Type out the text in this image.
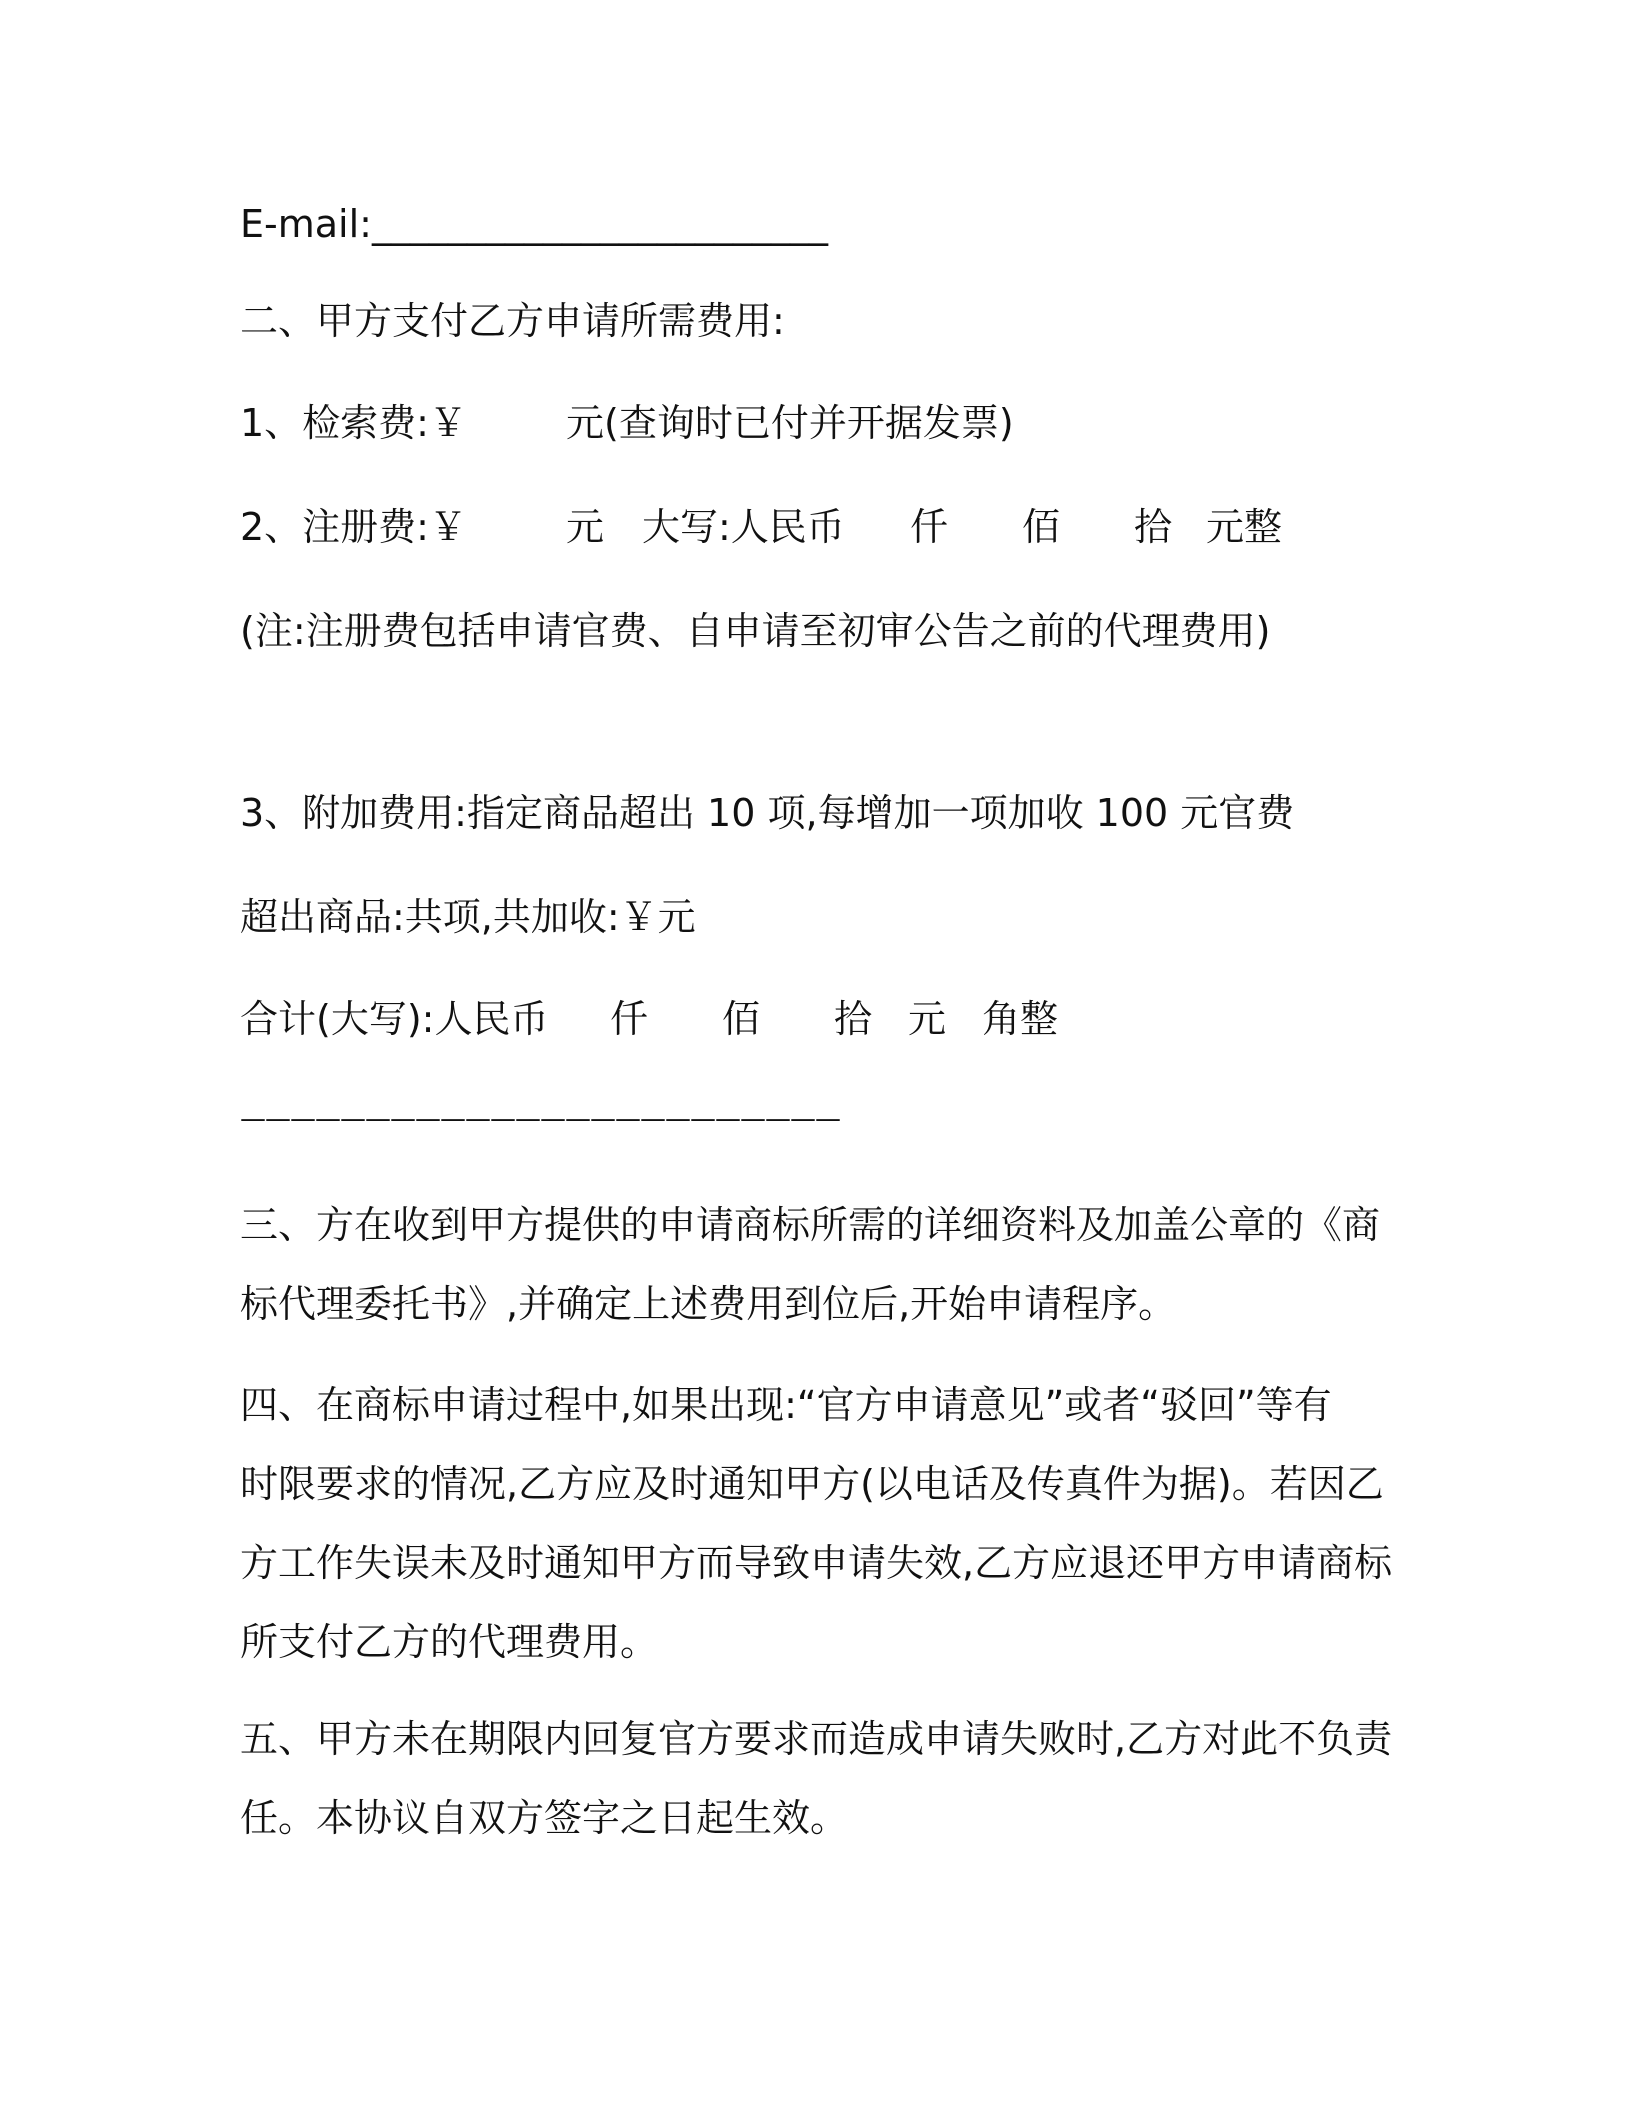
E-mail:________________________
二、甲方支付乙方申请所需费用:
1、检索费:￥	元(查询时已付并开据发票)
2、注册费:￥	元 大写:人民币 仟 佰 拾 元整
(注:注册费包括申请官费、自申请至初审公告之前的代理费用)
3、附加费用:指定商品超出 10 项,每增加一项加收 100 元官费
超出商品:共项,共加收:￥元
合计(大写):人民币 仟 佰 拾 元 角整
————————————————————————
三、方在收到甲方提供的申请商标所需的详细资料及加盖公章的《商
标代理委托书》,并确定上述费用到位后,开始申请程序。
四、在商标申请过程中,如果出现:“官方申请意见”或者“驳回”等有
时限要求的情况,乙方应及时通知甲方(以电话及传真件为据)。若因乙
方工作失误未及时通知甲方而导致申请失效,乙方应退还甲方申请商标
所支付乙方的代理费用。
五、甲方未在期限内回复官方要求而造成申请失败时,乙方对此不负责
任。本协议自双方签字之日起生效。
